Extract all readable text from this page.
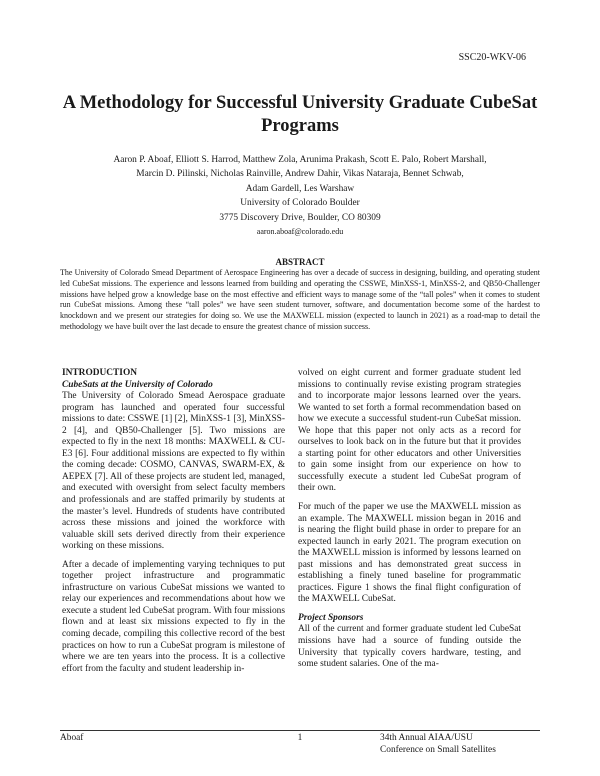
SSC20-WKV-06
A Methodology for Successful University Graduate CubeSat Programs
Aaron P. Aboaf, Elliott S. Harrod, Matthew Zola, Arunima Prakash, Scott E. Palo, Robert Marshall,
Marcin D. Pilinski, Nicholas Rainville, Andrew Dahir, Vikas Nataraja, Bennet Schwab,
Adam Gardell, Les Warshaw
University of Colorado Boulder
3775 Discovery Drive, Boulder, CO 80309
aaron.aboaf@colorado.edu
ABSTRACT
The University of Colorado Smead Department of Aerospace Engineering has over a decade of success in designing, building, and operating student led CubeSat missions. The experience and lessons learned from building and operating the CSSWE, MinXSS-1, MinXSS-2, and QB50-Challenger missions have helped grow a knowledge base on the most effective and efficient ways to manage some of the “tall poles” when it comes to student run CubeSat missions. Among these “tall poles” we have seen student turnover, software, and documentation become some of the hardest to knockdown and we present our strategies for doing so. We use the MAXWELL mission (expected to launch in 2021) as a road-map to detail the methodology we have built over the last decade to ensure the greatest chance of mission success.
INTRODUCTION
CubeSats at the University of Colorado

The University of Colorado Smead Aerospace graduate program has launched and operated four successful missions to date: CSSWE [1] [2], MinXSS-1 [3], MinXSS-2 [4], and QB50-Challenger [5]. Two missions are expected to fly in the next 18 months: MAXWELL & CU-E3 [6]. Four additional missions are expected to fly within the coming decade: COSMO, CANVAS, SWARM-EX, & AEPEX [7]. All of these projects are student led, managed, and executed with oversight from select faculty members and professionals and are staffed primarily by students at the master’s level. Hundreds of students have contributed across these missions and joined the workforce with valuable skill sets derived directly from their experience working on these missions.

After a decade of implementing varying techniques to put together project infrastructure and programmatic infrastructure on various CubeSat missions we wanted to relay our experiences and recommendations about how we execute a student led CubeSat program. With four missions flown and at least six missions expected to fly in the coming decade, compiling this collective record of the best practices on how to run a CubeSat program is milestone of where we are ten years into the process. It is a collective effort from the faculty and student leadership in-

volved on eight current and former graduate student led missions to continually revise existing program strategies and to incorporate major lessons learned over the years. We wanted to set forth a formal recommendation based on how we execute a successful student-run CubeSat mission. We hope that this paper not only acts as a record for ourselves to look back on in the future but that it provides a starting point for other educators and other Universities to gain some insight from our experience on how to successfully execute a student led CubeSat program of their own.

For much of the paper we use the MAXWELL mission as an example. The MAXWELL mission began in 2016 and is nearing the flight build phase in order to prepare for an expected launch in early 2021. The program execution on the MAXWELL mission is informed by lessons learned on past missions and has demonstrated great success in establishing a finely tuned baseline for programmatic practices. Figure 1 shows the final flight configuration of the MAXWELL CubeSat.

Project Sponsors

All of the current and former graduate student led CubeSat missions have had a source of funding outside the University that typically covers hardware, testing, and some student salaries. One of the ma-

Aboaf	1	34th Annual AIAA/USU
Conference on Small Satellites
